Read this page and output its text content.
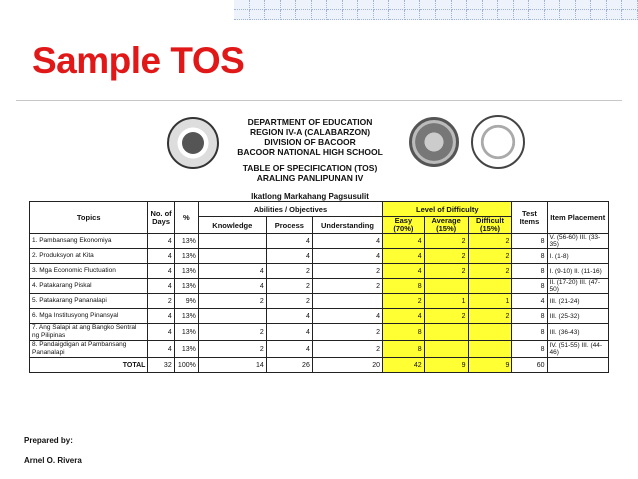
Sample TOS
DEPARTMENT OF EDUCATION
REGION IV-A (CALABARZON)
DIVISION OF BACOOR
BACOOR NATIONAL HIGH SCHOOL
TABLE OF SPECIFICATION (TOS)
ARALING PANLIPUNAN IV
Ikatlong Markahang Pagsusulit
Topics	No. of Days	%	Abilities / Objectives			Level of Difficulty			Test Items	Item Placement
			Knowledge	Process	Understanding	Easy (70%)	Average (15%)	Difficult (15%)		
1. Pambansang Ekonomiya	4	13%		4	4	4	2	2	8	V. (56-60) III. (33-35)
2. Produksyon at Kita	4	13%		4	4	4	2	2	8	I. (1-8)
3. Mga Economic Fluctuation	4	13%	4	2	2	4	2	2	8	I. (9-10) II. (11-16)
4. Patakarang Piskal	4	13%	4	2	2	8			8	II. (17-20) III. (47-50)
5. Patakarang Pananalapi	2	9%	2	2		2	1	1	4	III. (21-24)
6. Mga Institusyong Pinansyal	4	13%		4	4	4	2	2	8	III. (25-32)
7. Ang Salapi at ang Bangko Sentral ng Pilipinas	4	13%	2	4	2	8			8	III. (36-43)
8. Pandaigdigan at Pambansang Pananalapi	4	13%	2	4	2	8			8	IV. (51-55) III. (44-46)
TOTAL	32	100%	14	26	20	42	9	9	60	
Prepared by:
Arnel O. Rivera
